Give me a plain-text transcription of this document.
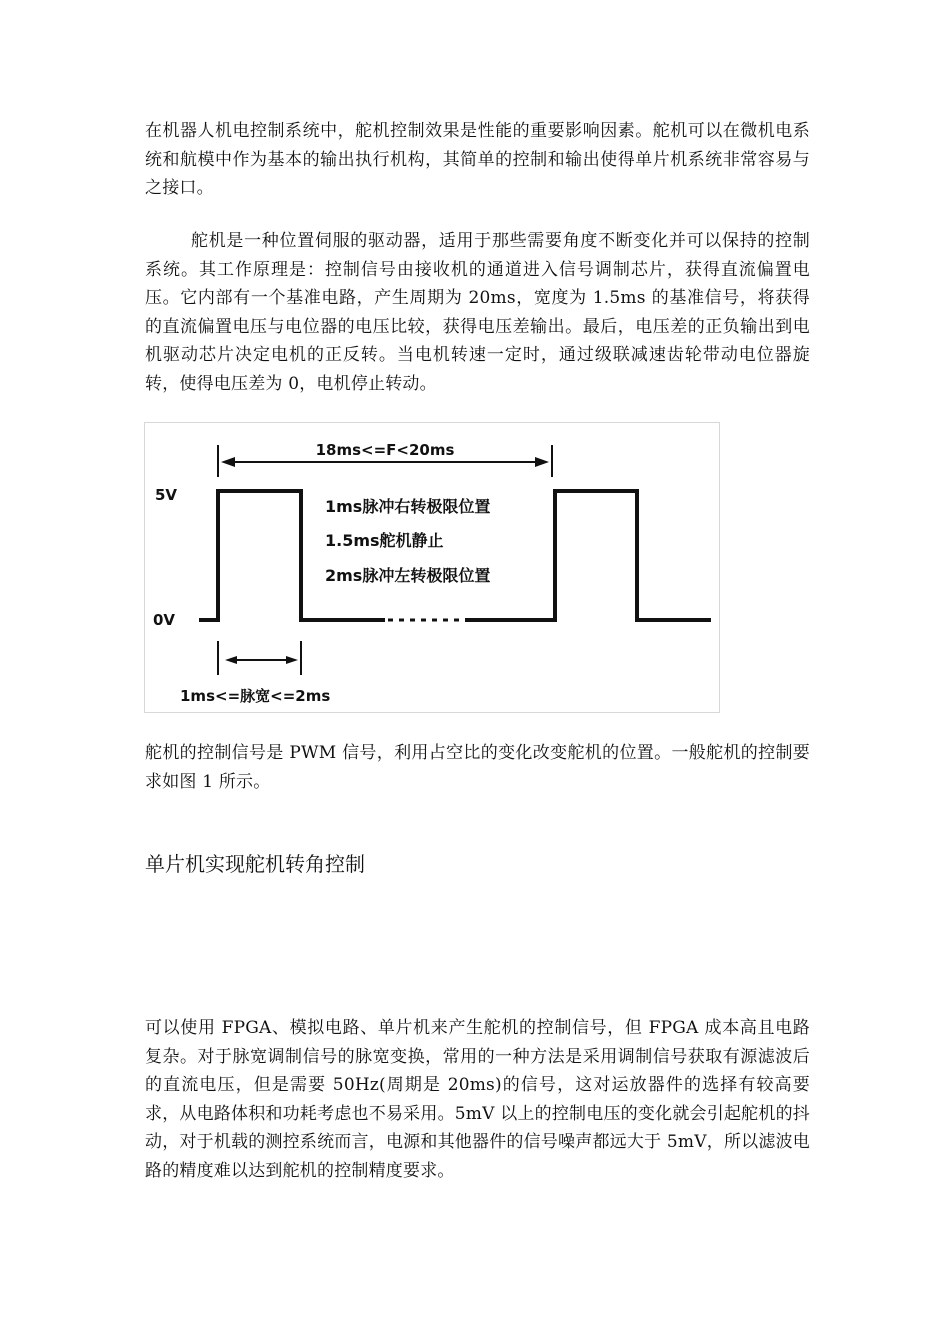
在机器人机电控制系统中，舵机控制效果是性能的重要影响因素。舵机可以在微机电系统和航模中作为基本的输出执行机构，其简单的控制和输出使得单片机系统非常容易与之接口。

舵机是一种位置伺服的驱动器，适用于那些需要角度不断变化并可以保持的控制系统。其工作原理是：控制信号由接收机的通道进入信号调制芯片，获得直流偏置电压。它内部有一个基准电路，产生周期为 20ms，宽度为 1.5ms 的基准信号，将获得的直流偏置电压与电位器的电压比较，获得电压差输出。最后，电压差的正负输出到电机驱动芯片决定电机的正反转。当电机转速一定时，通过级联减速齿轮带动电位器旋转，使得电压差为 0，电机停止转动。

18ms<=F<20ms
5V
0V
1ms脉冲右转极限位置
1.5ms舵机静止
2ms脉冲左转极限位置
1ms<=脉宽<=2ms

舵机的控制信号是 PWM 信号，利用占空比的变化改变舵机的位置。一般舵机的控制要求如图 1 所示。

单片机实现舵机转角控制

可以使用 FPGA、模拟电路、单片机来产生舵机的控制信号，但 FPGA 成本高且电路复杂。对于脉宽调制信号的脉宽变换，常用的一种方法是采用调制信号获取有源滤波后的直流电压，但是需要 50Hz(周期是 20ms)的信号，这对运放器件的选择有较高要求，从电路体积和功耗考虑也不易采用。5mV 以上的控制电压的变化就会引起舵机的抖动，对于机载的测控系统而言，电源和其他器件的信号噪声都远大于 5mV，所以滤波电路的精度难以达到舵机的控制精度要求。
